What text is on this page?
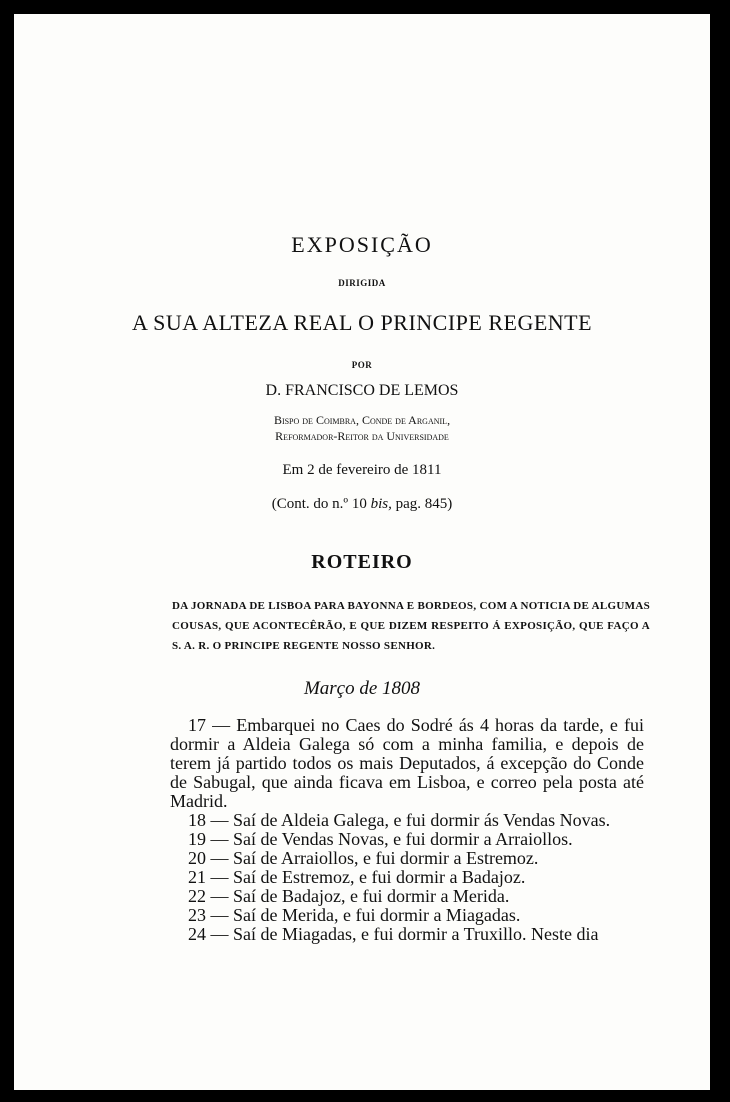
EXPOSIÇÃO
DIRIGIDA
A SUA ALTEZA REAL O PRINCIPE REGENTE
POR
D. FRANCISCO DE LEMOS
Bispo de Coimbra, Conde de Arganil,
Reformador-Reitor da Universidade
Em 2 de fevereiro de 1811
(Cont. do n.º 10 bis, pag. 845)
ROTEIRO
DA JORNADA DE LISBOA PARA BAYONNA E BORDEOS, COM A NOTICIA DE ALGUMAS COUSAS, QUE ACONTECÊRÃO, E QUE DIZEM RESPEITO Á EXPOSIÇÃO, QUE FAÇO A S. A. R. O PRINCIPE REGENTE NOSSO SENHOR.
Março de 1808

17 — Embarquei no Caes do Sodré ás 4 horas da tarde, e fui dormir a Aldeia Galega só com a minha familia, e depois de terem já partido todos os mais Deputados, á excepção do Conde de Sabugal, que ainda ficava em Lisboa, e correo pela posta até Madrid.

18 — Saí de Aldeia Galega, e fui dormir ás Vendas Novas.

19 — Saí de Vendas Novas, e fui dormir a Arraiollos.

20 — Saí de Arraiollos, e fui dormir a Estremoz.

21 — Saí de Estremoz, e fui dormir a Badajoz.

22 — Saí de Badajoz, e fui dormir a Merida.

23 — Saí de Merida, e fui dormir a Miagadas.

24 — Saí de Miagadas, e fui dormir a Truxillo. Neste dia
